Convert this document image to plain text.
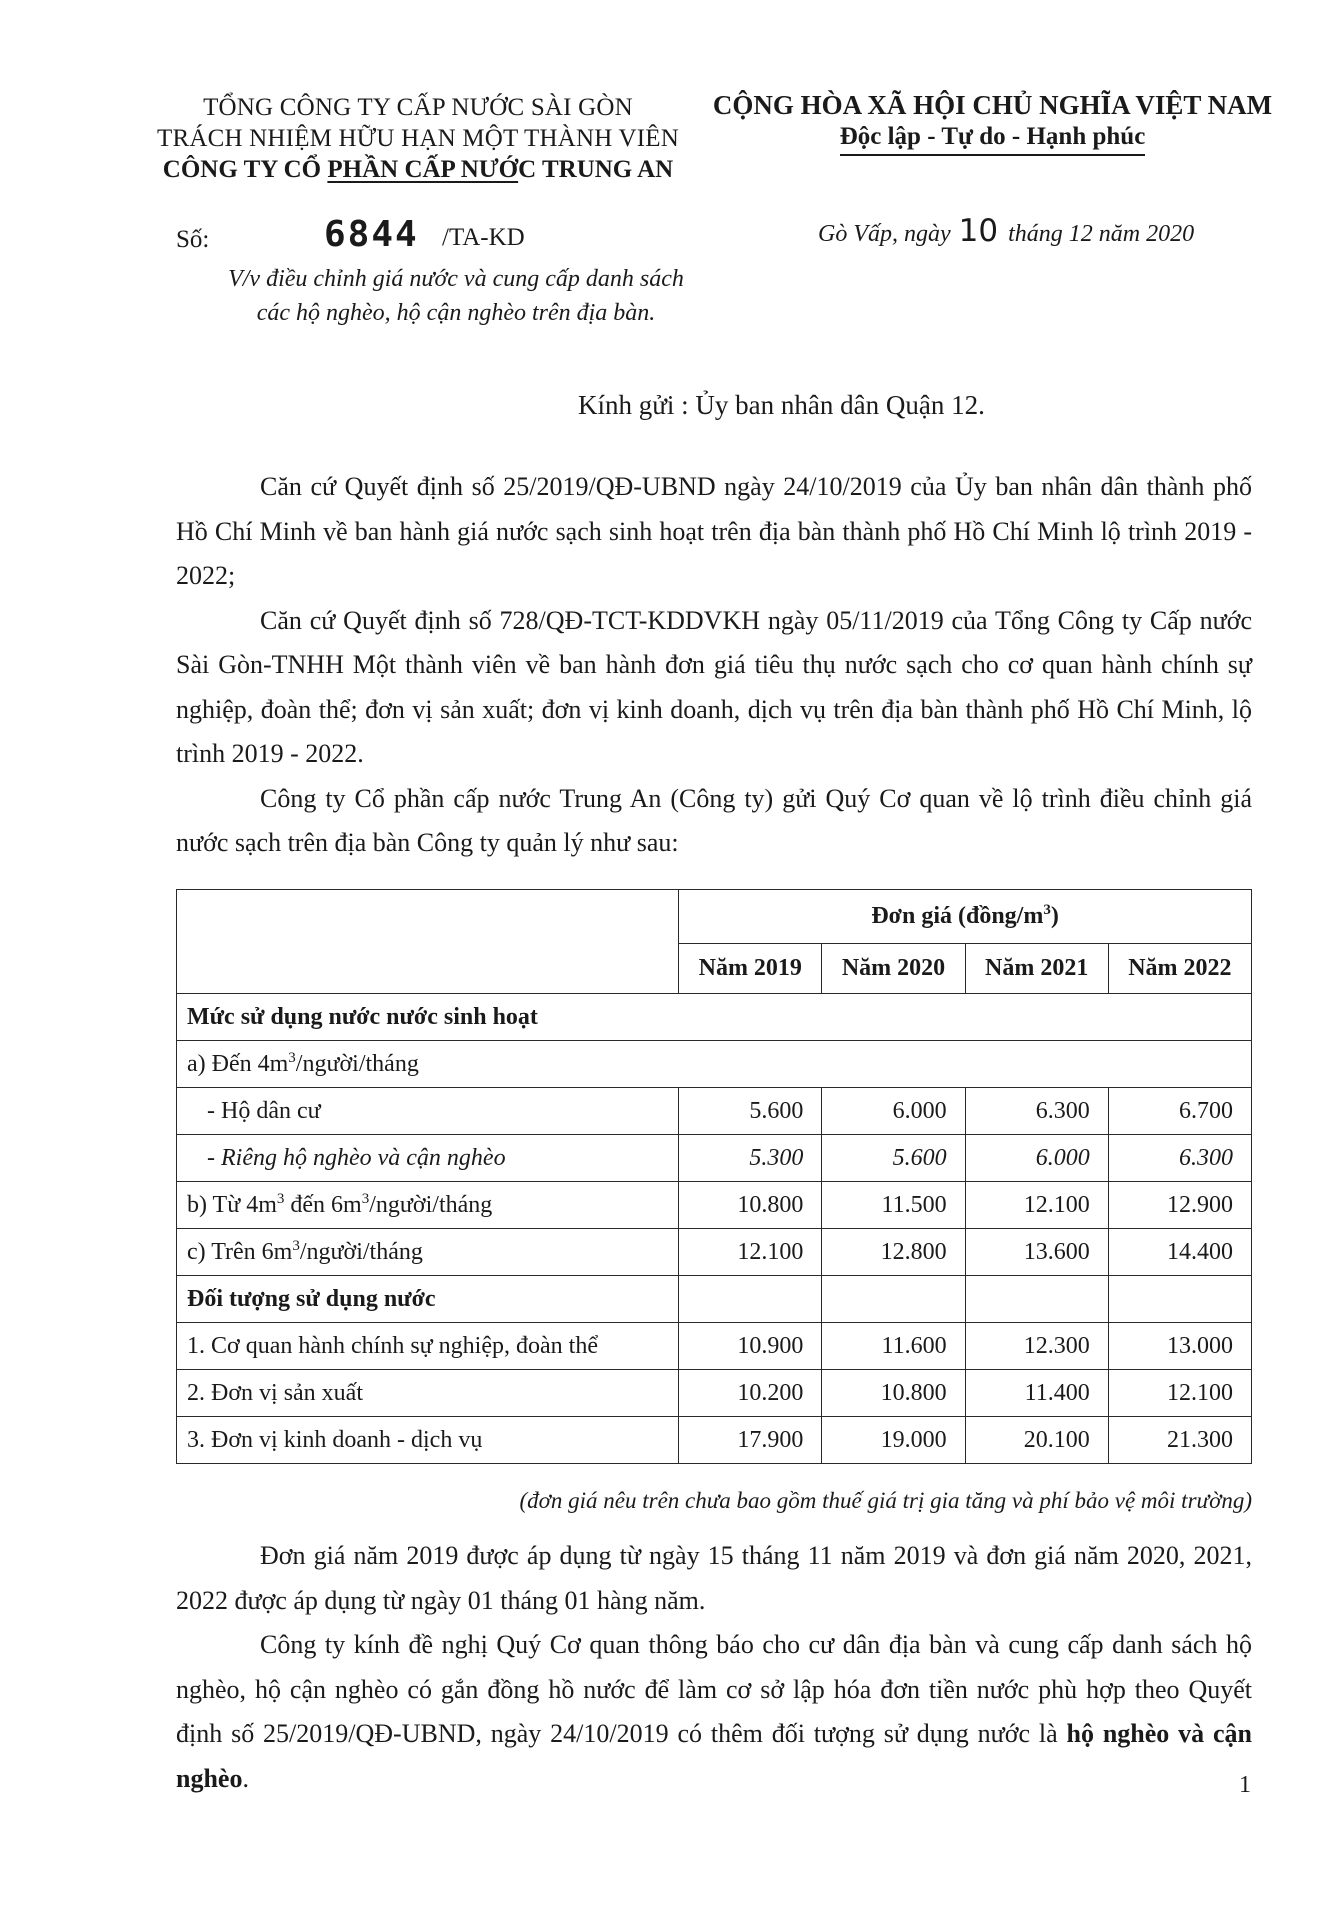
TỔNG CÔNG TY CẤP NƯỚC SÀI GÒN
TRÁCH NHIỆM HỮU HẠN MỘT THÀNH VIÊN
CÔNG TY CỔ PHẦN CẤP NƯỚC TRUNG AN
CỘNG HÒA XÃ HỘI CHỦ NGHĨA VIỆT NAM
Độc lập - Tự do - Hạnh phúc
Số:	6844 /TA-KD	Gò Vấp, ngày 10 tháng 12 năm 2020
V/v điều chỉnh giá nước và cung cấp danh sách
các hộ nghèo, hộ cận nghèo trên địa bàn.
Kính gửi : Ủy ban nhân dân Quận 12.

Căn cứ Quyết định số 25/2019/QĐ-UBND ngày 24/10/2019 của Ủy ban nhân dân thành phố Hồ Chí Minh về ban hành giá nước sạch sinh hoạt trên địa bàn thành phố Hồ Chí Minh lộ trình 2019 - 2022;

Căn cứ Quyết định số 728/QĐ-TCT-KDDVKH ngày 05/11/2019 của Tổng Công ty Cấp nước Sài Gòn-TNHH Một thành viên về ban hành đơn giá tiêu thụ nước sạch cho cơ quan hành chính sự nghiệp, đoàn thể; đơn vị sản xuất; đơn vị kinh doanh, dịch vụ trên địa bàn thành phố Hồ Chí Minh, lộ trình 2019 - 2022.

Công ty Cổ phần cấp nước Trung An (Công ty) gửi Quý Cơ quan về lộ trình điều chỉnh giá nước sạch trên địa bàn Công ty quản lý như sau:

	Đơn giá $(đồng/m^3)$			
	Năm 2019	Năm 2020	Năm 2021	Năm 2022
Mức sử dụng nước nước sinh hoạt				
a) Đến $4m^3/người$/tháng				
- Hộ dân cư	5.600	6.000	6.300	6.700
- Riêng hộ nghèo và cận nghèo	5.300	5.600	6.000	6.300
b) Từ $4m^3$ đến $6m^3/người$/tháng	10.800	11.500	12.100	12.900
c) Trên $6m^3/người$/tháng	12.100	12.800	13.600	14.400
Đối tượng sử dụng nước				
1. Cơ quan hành chính sự nghiệp, đoàn thể	10.900	11.600	12.300	13.000
2. Đơn vị sản xuất	10.200	10.800	11.400	12.100
3. Đơn vị kinh doanh - dịch vụ	17.900	19.000	20.100	21.300
(đơn giá nêu trên chưa bao gồm thuế giá trị gia tăng và phí bảo vệ môi trường)

Đơn giá năm 2019 được áp dụng từ ngày 15 tháng 11 năm 2019 và đơn giá năm 2020, 2021, 2022 được áp dụng từ ngày 01 tháng 01 hàng năm.

Công ty kính đề nghị Quý Cơ quan thông báo cho cư dân địa bàn và cung cấp danh sách hộ nghèo, hộ cận nghèo có gắn đồng hồ nước để làm cơ sở lập hóa đơn tiền nước phù hợp theo Quyết định số 25/2019/QĐ-UBND, ngày 24/10/2019 có thêm đối tượng sử dụng nước là hộ nghèo và cận nghèo.	1
